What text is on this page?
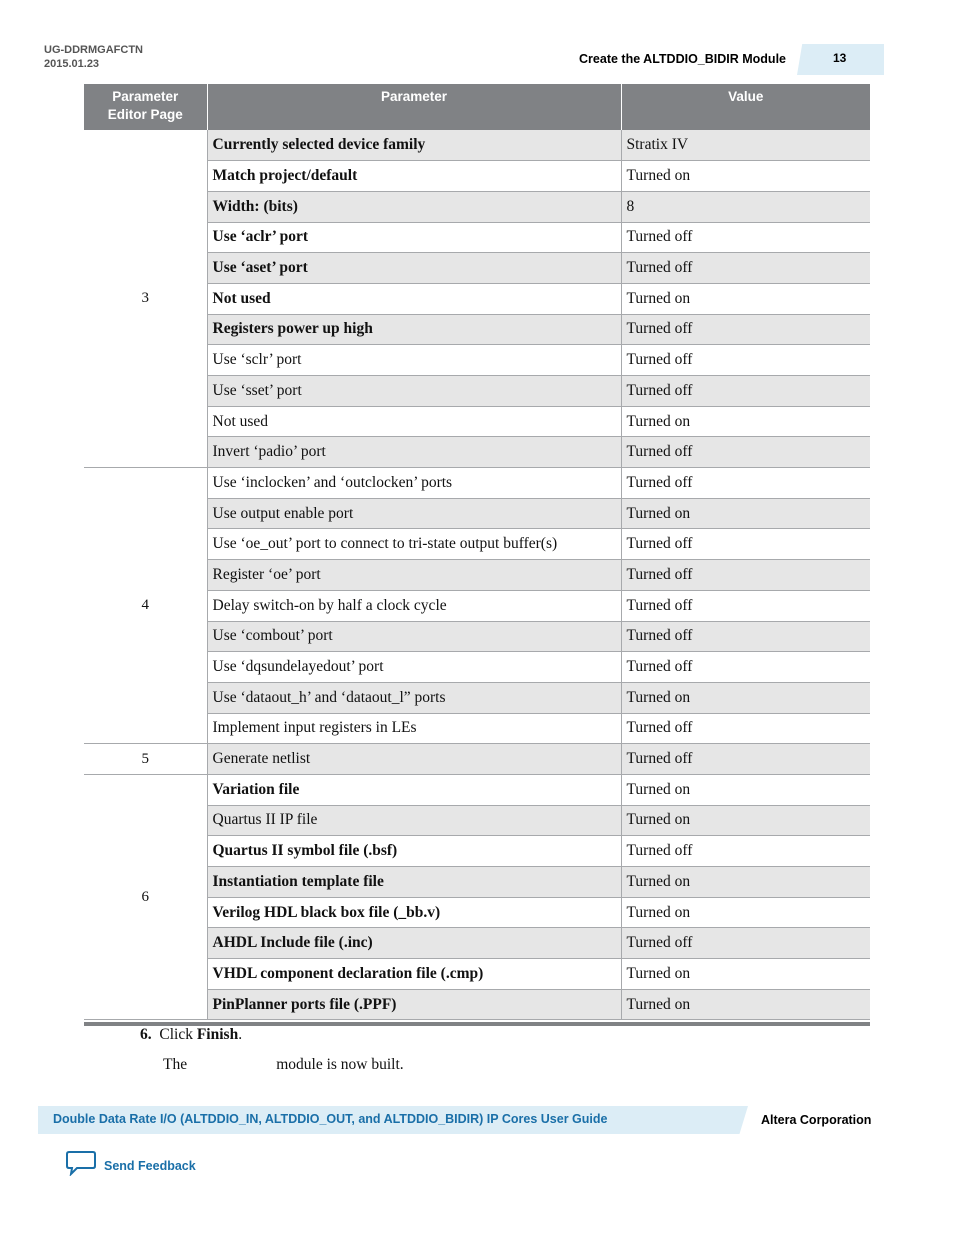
UG-DDRMGAFCTN
2015.01.23	Create the ALTDDIO_BIDIR Module	13
Parameter
Editor Page	Parameter	Value
3	Currently selected device family	Stratix IV
	Match project/default	Turned on
	Width: (bits)	8
	Use ‘aclr’ port	Turned off
	Use ‘aset’ port	Turned off
	Not used	Turned on
	Registers power up high	Turned off
	Use ‘sclr’ port	Turned off
	Use ‘sset’ port	Turned off
	Not used	Turned on
	Invert ‘padio’ port	Turned off
4	Use ‘inclocken’ and ‘outclocken’ ports	Turned off
	Use output enable port	Turned on
	Use ‘oe_out’ port to connect to tri-state output buffer(s)	Turned off
	Register ‘oe’ port	Turned off
	Delay switch-on by half a clock cycle	Turned off
	Use ‘combout’ port	Turned off
	Use ‘dqsundelayedout’ port	Turned off
	Use ‘dataout_h’ and ‘dataout_l” ports	Turned on
	Implement input registers in LEs	Turned off
5	Generate netlist	Turned off
6	Variation file	Turned on
	Quartus II IP file	Turned on
	Quartus II symbol file (.bsf)	Turned off
	Instantiation template file	Turned on
	Verilog HDL black box file (_bb.v)	Turned on
	AHDL Include file (.inc)	Turned off
	VHDL component declaration file (.cmp)	Turned on
	PinPlanner ports file (.PPF)	Turned on
6. Click Finish.
The                       module is now built.
Double Data Rate I/O (ALTDDIO_IN, ALTDDIO_OUT, and ALTDDIO_BIDIR) IP Cores User Guide	Altera Corporation
Send Feedback
